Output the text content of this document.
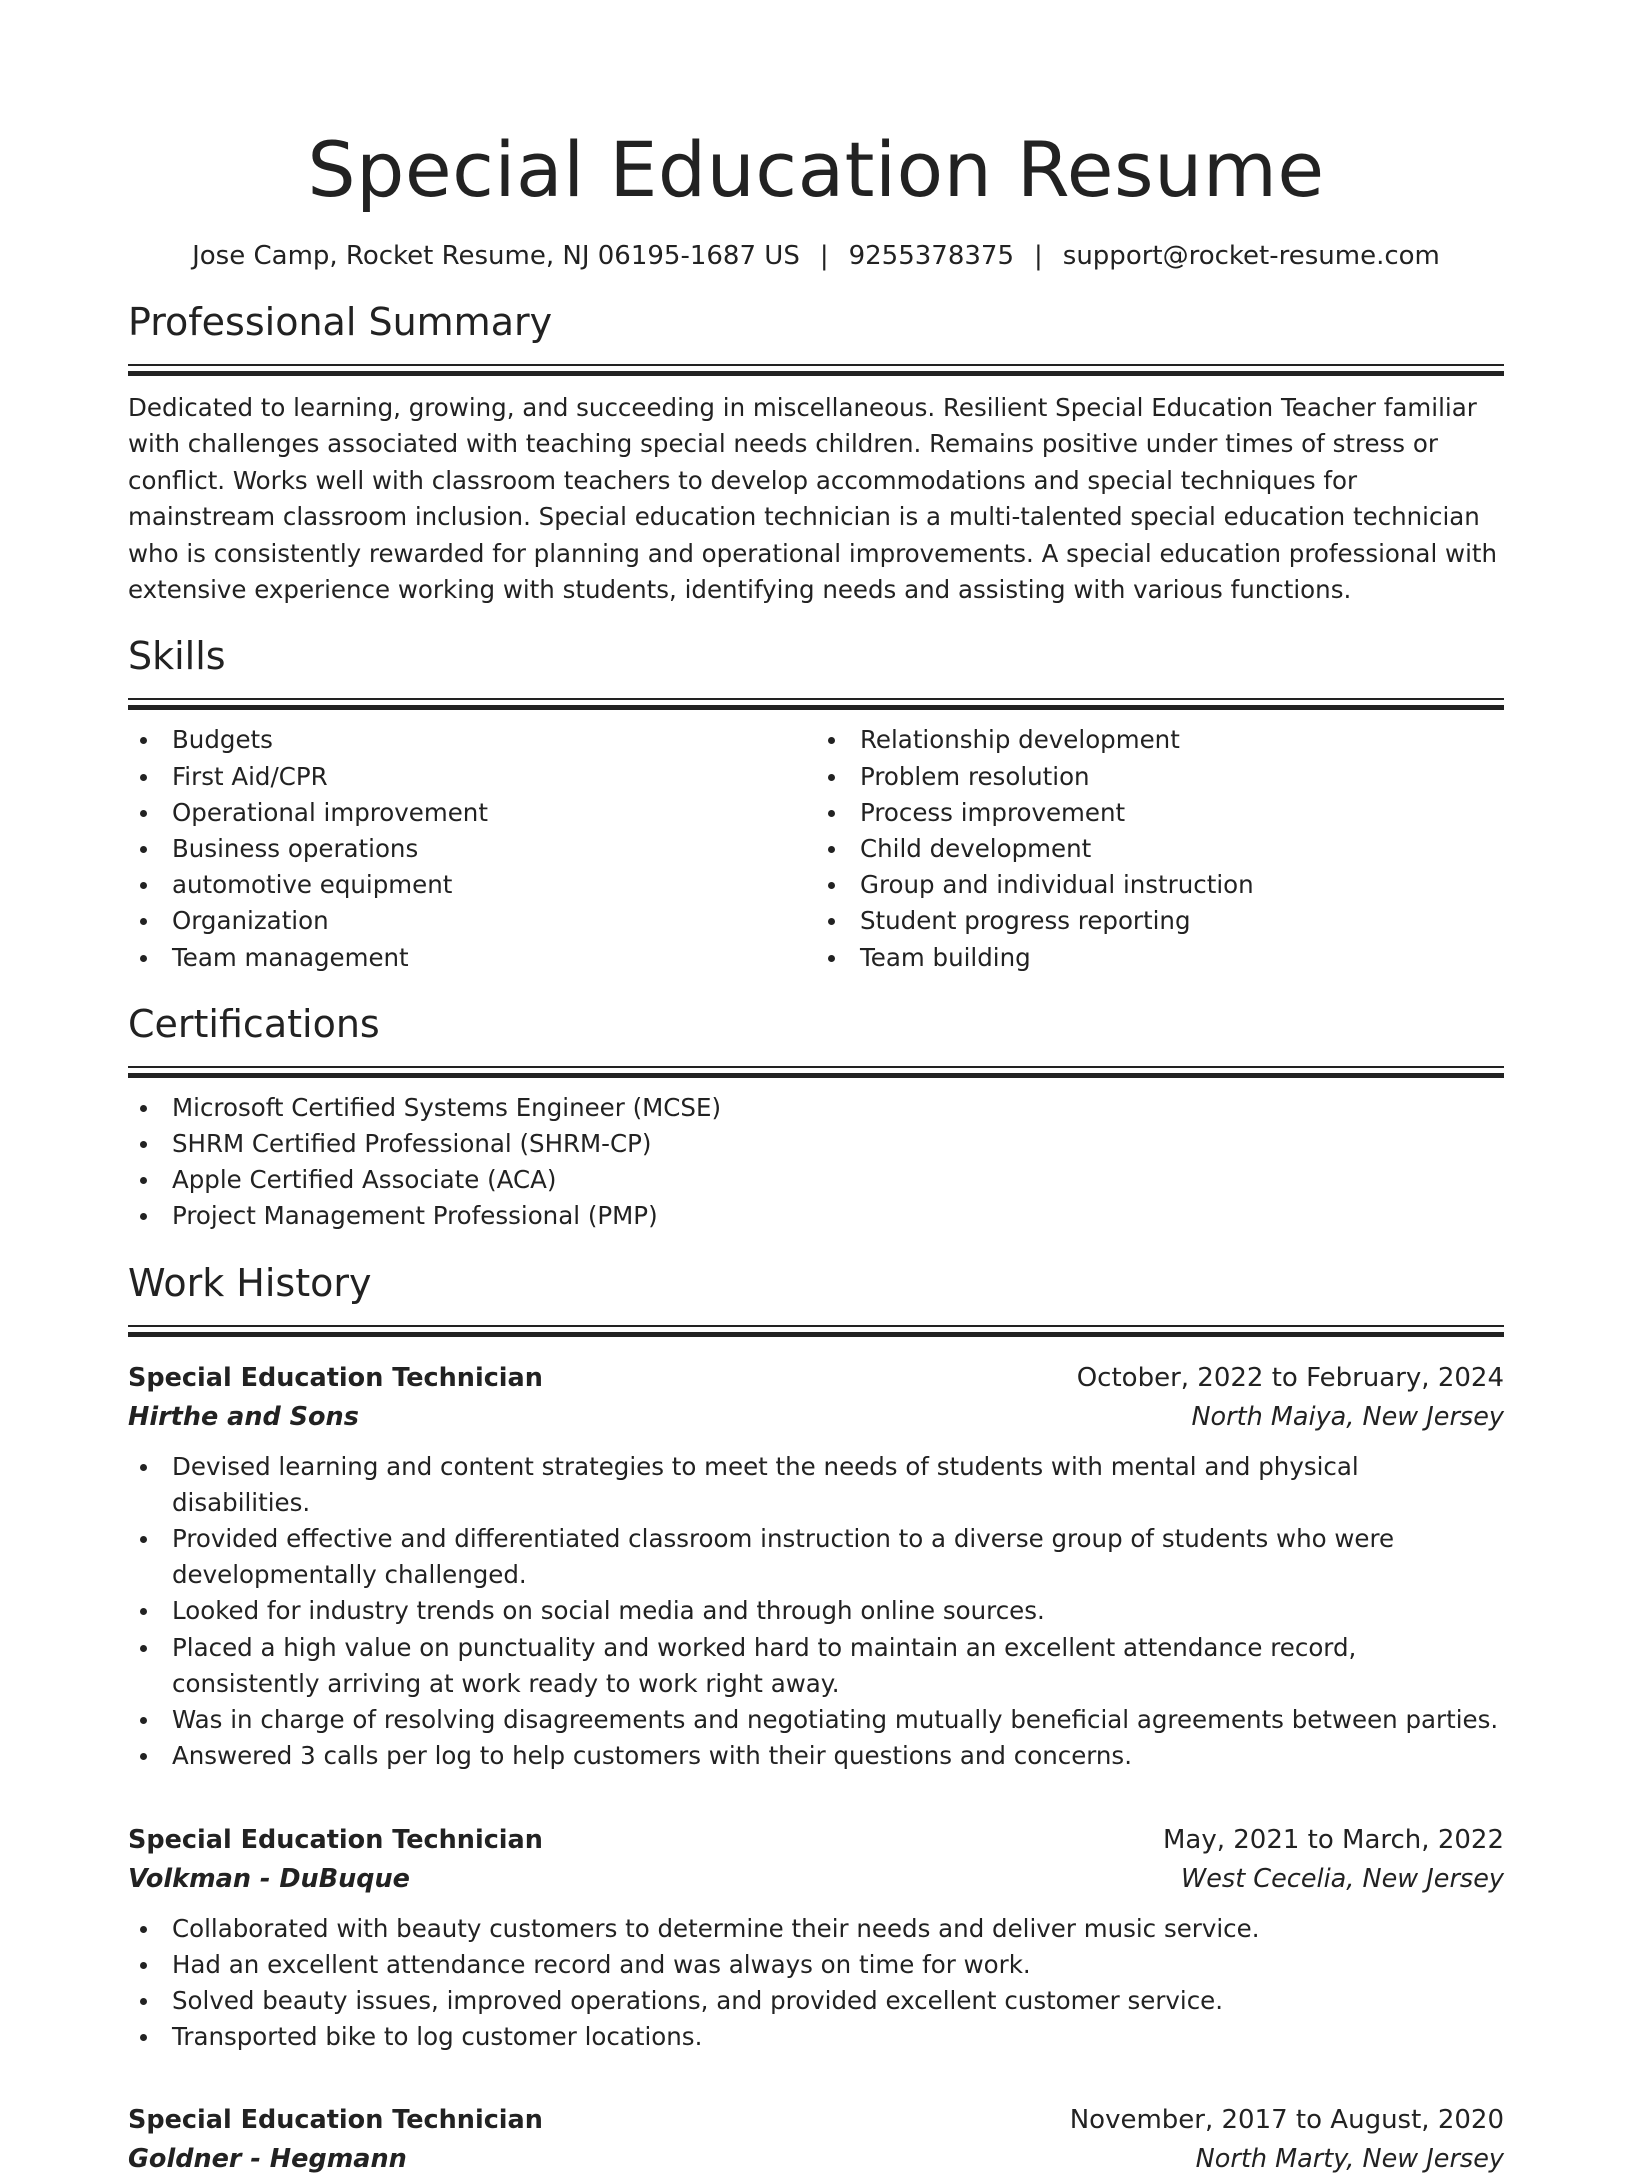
Special Education Resume
Jose Camp, Rocket Resume, NJ 06195-1687 US | 9255378375 | support@rocket-resume.com
Professional Summary

Dedicated to learning, growing, and succeeding in miscellaneous. Resilient Special Education Teacher familiar with challenges associated with teaching special needs children. Remains positive under times of stress or conflict. Works well with classroom teachers to develop accommodations and special techniques for mainstream classroom inclusion. Special education technician is a multi-talented special education technician who is consistently rewarded for planning and operational improvements. A special education professional with extensive experience working with students, identifying needs and assisting with various functions.

Skills
Budgets
First Aid/CPR
Operational improvement
Business operations
automotive equipment
Organization
Team management
Relationship development
Problem resolution
Process improvement
Child development
Group and individual instruction
Student progress reporting
Team building
Certifications
Microsoft Certified Systems Engineer (MCSE)
SHRM Certified Professional (SHRM-CP)
Apple Certified Associate (ACA)
Project Management Professional (PMP)
Work History
Special Education Technician	October, 2022 to February, 2024
Hirthe and Sons	North Maiya, New Jersey
Devised learning and content strategies to meet the needs of students with mental and physical disabilities.
Provided effective and differentiated classroom instruction to a diverse group of students who were developmentally challenged.
Looked for industry trends on social media and through online sources.
Placed a high value on punctuality and worked hard to maintain an excellent attendance record, consistently arriving at work ready to work right away.
Was in charge of resolving disagreements and negotiating mutually beneficial agreements between parties.
Answered 3 calls per log to help customers with their questions and concerns.
Special Education Technician	May, 2021 to March, 2022
Volkman - DuBuque	West Cecelia, New Jersey
Collaborated with beauty customers to determine their needs and deliver music service.
Had an excellent attendance record and was always on time for work.
Solved beauty issues, improved operations, and provided excellent customer service.
Transported bike to log customer locations.
Special Education Technician	November, 2017 to August, 2020
Goldner - Hegmann	North Marty, New Jersey
